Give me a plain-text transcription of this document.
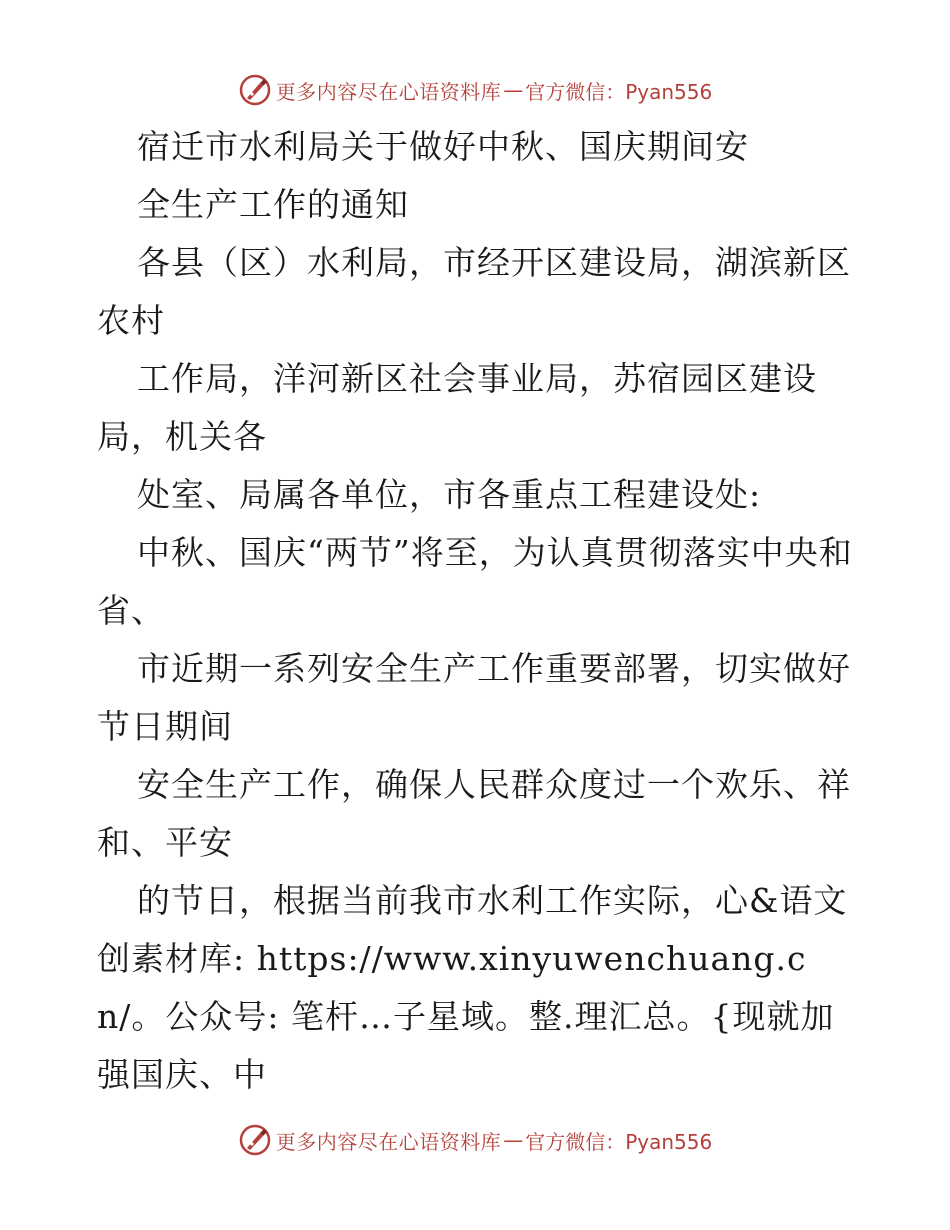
更多内容尽在心语资料库 — 官方微信：Pyan556

宿迁市水利局关于做好中秋、国庆期间安

全生产工作的通知

各县（区）水利局，市经开区建设局，湖滨新区农村

工作局，洋河新区社会事业局，苏宿园区建设局，机关各

处室、局属各单位，市各重点工程建设处:

中秋、国庆“两节”将至，为认真贯彻落实中央和省、

市近期一系列安全生产工作重要部署，切实做好节日期间

安全生产工作，确保人民群众度过一个欢乐、祥和、平安

的节日，根据当前我市水利工作实际，心&语文创素材库: https://www.xinyuwenchuang.cn/。公众号: 笔杆…子星域。整.理汇总。{现就加强国庆、中

更多内容尽在心语资料库 — 官方微信：Pyan556
